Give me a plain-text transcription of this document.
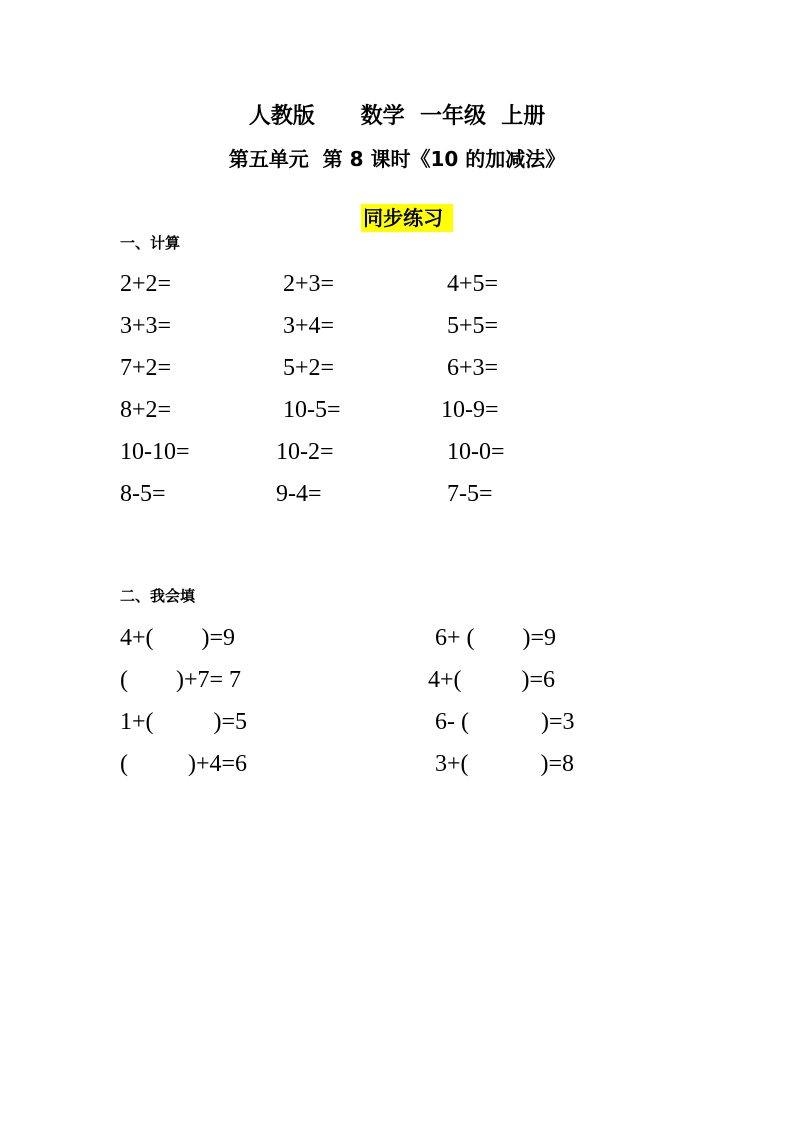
人教版      数学  一年级  上册
第五单元  第 8 课时《10 的加减法》

同步练习

一、计算
2+2=	2+3=	4+5=
3+3=	3+4=	5+5=
7+2=	5+2=	6+3=
8+2=	10-5=	10-9=
10-10=	10-2=	10-0=
8-5=	9-4=	7-5=
二、我会填
4+(        )=9	6+ (        )=9
(        )+7= 7	4+(          )=6
1+(          )=5	6- (            )=3
(          )+4=6	3+(            )=8
